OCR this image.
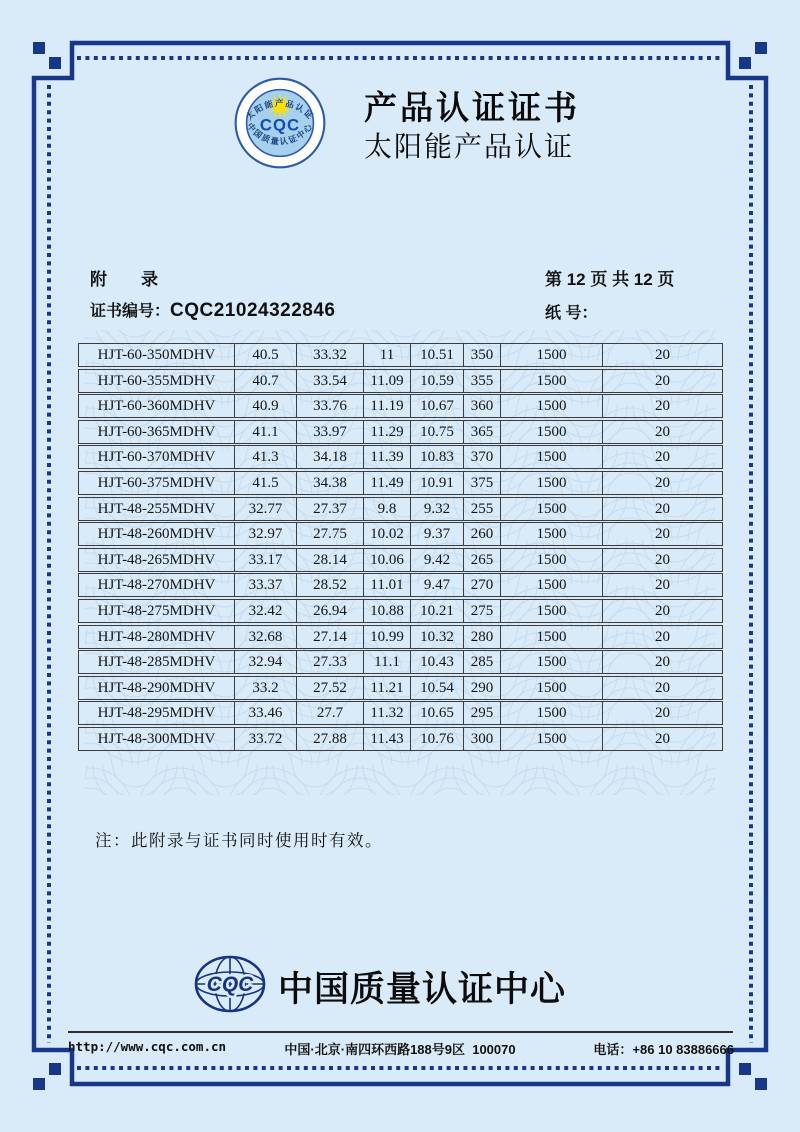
CQC
太阳能产品认证
中国质量认证中心
产品认证证书
太阳能产品认证
附　　录	第 12 页 共 12 页
证书编号： CQC21024322846	纸 号：
HJT-60-350MDHV	40.5	33.32	11	10.51	350	1500	20
HJT-60-355MDHV	40.7	33.54	11.09	10.59	355	1500	20
HJT-60-360MDHV	40.9	33.76	11.19	10.67	360	1500	20
HJT-60-365MDHV	41.1	33.97	11.29	10.75	365	1500	20
HJT-60-370MDHV	41.3	34.18	11.39	10.83	370	1500	20
HJT-60-375MDHV	41.5	34.38	11.49	10.91	375	1500	20
HJT-48-255MDHV	32.77	27.37	9.8	9.32	255	1500	20
HJT-48-260MDHV	32.97	27.75	10.02	9.37	260	1500	20
HJT-48-265MDHV	33.17	28.14	10.06	9.42	265	1500	20
HJT-48-270MDHV	33.37	28.52	11.01	9.47	270	1500	20
HJT-48-275MDHV	32.42	26.94	10.88	10.21	275	1500	20
HJT-48-280MDHV	32.68	27.14	10.99	10.32	280	1500	20
HJT-48-285MDHV	32.94	27.33	11.1	10.43	285	1500	20
HJT-48-290MDHV	33.2	27.52	11.21	10.54	290	1500	20
HJT-48-295MDHV	33.46	27.7	11.32	10.65	295	1500	20
HJT-48-300MDHV	33.72	27.88	11.43	10.76	300	1500	20
注：此附录与证书同时使用时有效。
CQC 中国质量认证中心
http://www.cqc.com.cn	中国·北京·南四环西路188号9区  100070	电话：+86 10 83886666
